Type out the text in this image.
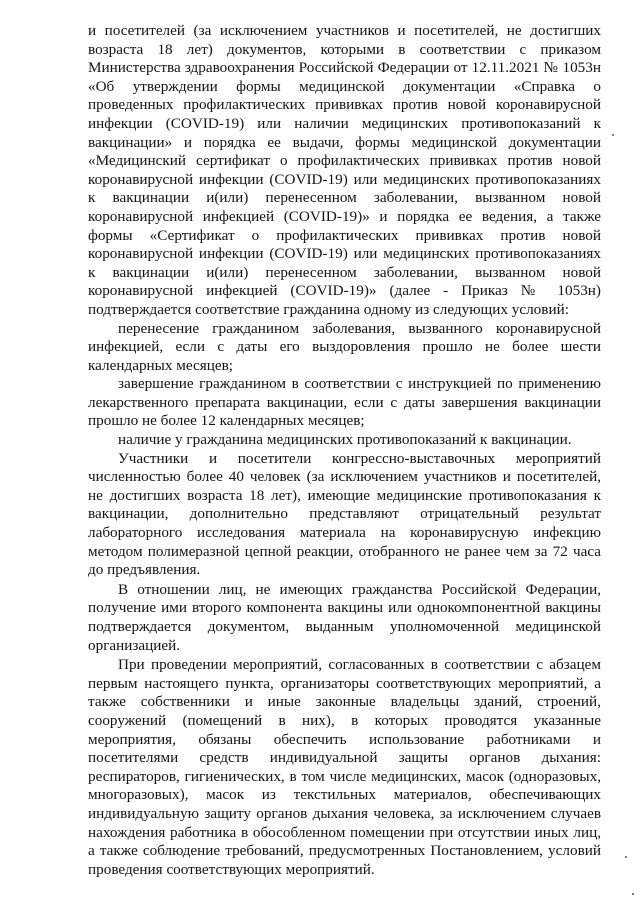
и посетителей (за исключением участников и посетителей, не достигших возраста 18 лет) документов, которыми в соответствии с приказом Министерства здравоохранения Российской Федерации от 12.11.2021 № 1053н «Об утверждении формы медицинской документации «Справка о проведенных профилактических прививках против новой коронавирусной инфекции (COVID-19) или наличии медицинских противопоказаний к вакцинации» и порядка ее выдачи, формы медицинской документации «Медицинский сертификат о профилактических прививках против новой коронавирусной инфекции (COVID-19) или медицинских противопоказаниях к вакцинации и(или) перенесенном заболевании, вызванном новой коронавирусной инфекцией (COVID-19)» и порядка ее ведения, а также формы «Сертификат о профилактических прививках против новой коронавирусной инфекции (COVID-19) или медицинских противопоказаниях к вакцинации и(или) перенесенном заболевании, вызванном новой коронавирусной инфекцией (COVID-19)» (далее - Приказ № 1053н) подтверждается соответствие гражданина одному из следующих условий:

перенесение гражданином заболевания, вызванного коронавирусной инфекцией, если с даты его выздоровления прошло не более шести календарных месяцев;

завершение гражданином в соответствии с инструкцией по применению лекарственного препарата вакцинации, если с даты завершения вакцинации прошло не более 12 календарных месяцев;

наличие у гражданина медицинских противопоказаний к вакцинации.

Участники и посетители конгрессно-выставочных мероприятий численностью более 40 человек (за исключением участников и посетителей, не достигших возраста 18 лет), имеющие медицинские противопоказания к вакцинации, дополнительно представляют отрицательный результат лабораторного исследования материала на коронавирусную инфекцию методом полимеразной цепной реакции, отобранного не ранее чем за 72 часа до предъявления.

В отношении лиц, не имеющих гражданства Российской Федерации, получение ими второго компонента вакцины или однокомпонентной вакцины подтверждается документом, выданным уполномоченной медицинской организацией.

При проведении мероприятий, согласованных в соответствии с абзацем первым настоящего пункта, организаторы соответствующих мероприятий, а также собственники и иные законные владельцы зданий, строений, сооружений (помещений в них), в которых проводятся указанные мероприятия, обязаны обеспечить использование работниками и посетителями средств индивидуальной защиты органов дыхания: респираторов, гигиенических, в том числе медицинских, масок (одноразовых, многоразовых), масок из текстильных материалов, обеспечивающих индивидуальную защиту органов дыхания человека, за исключением случаев нахождения работника в обособленном помещении при отсутствии иных лиц, а также соблюдение требований, предусмотренных Постановлением, условий проведения соответствующих мероприятий.
